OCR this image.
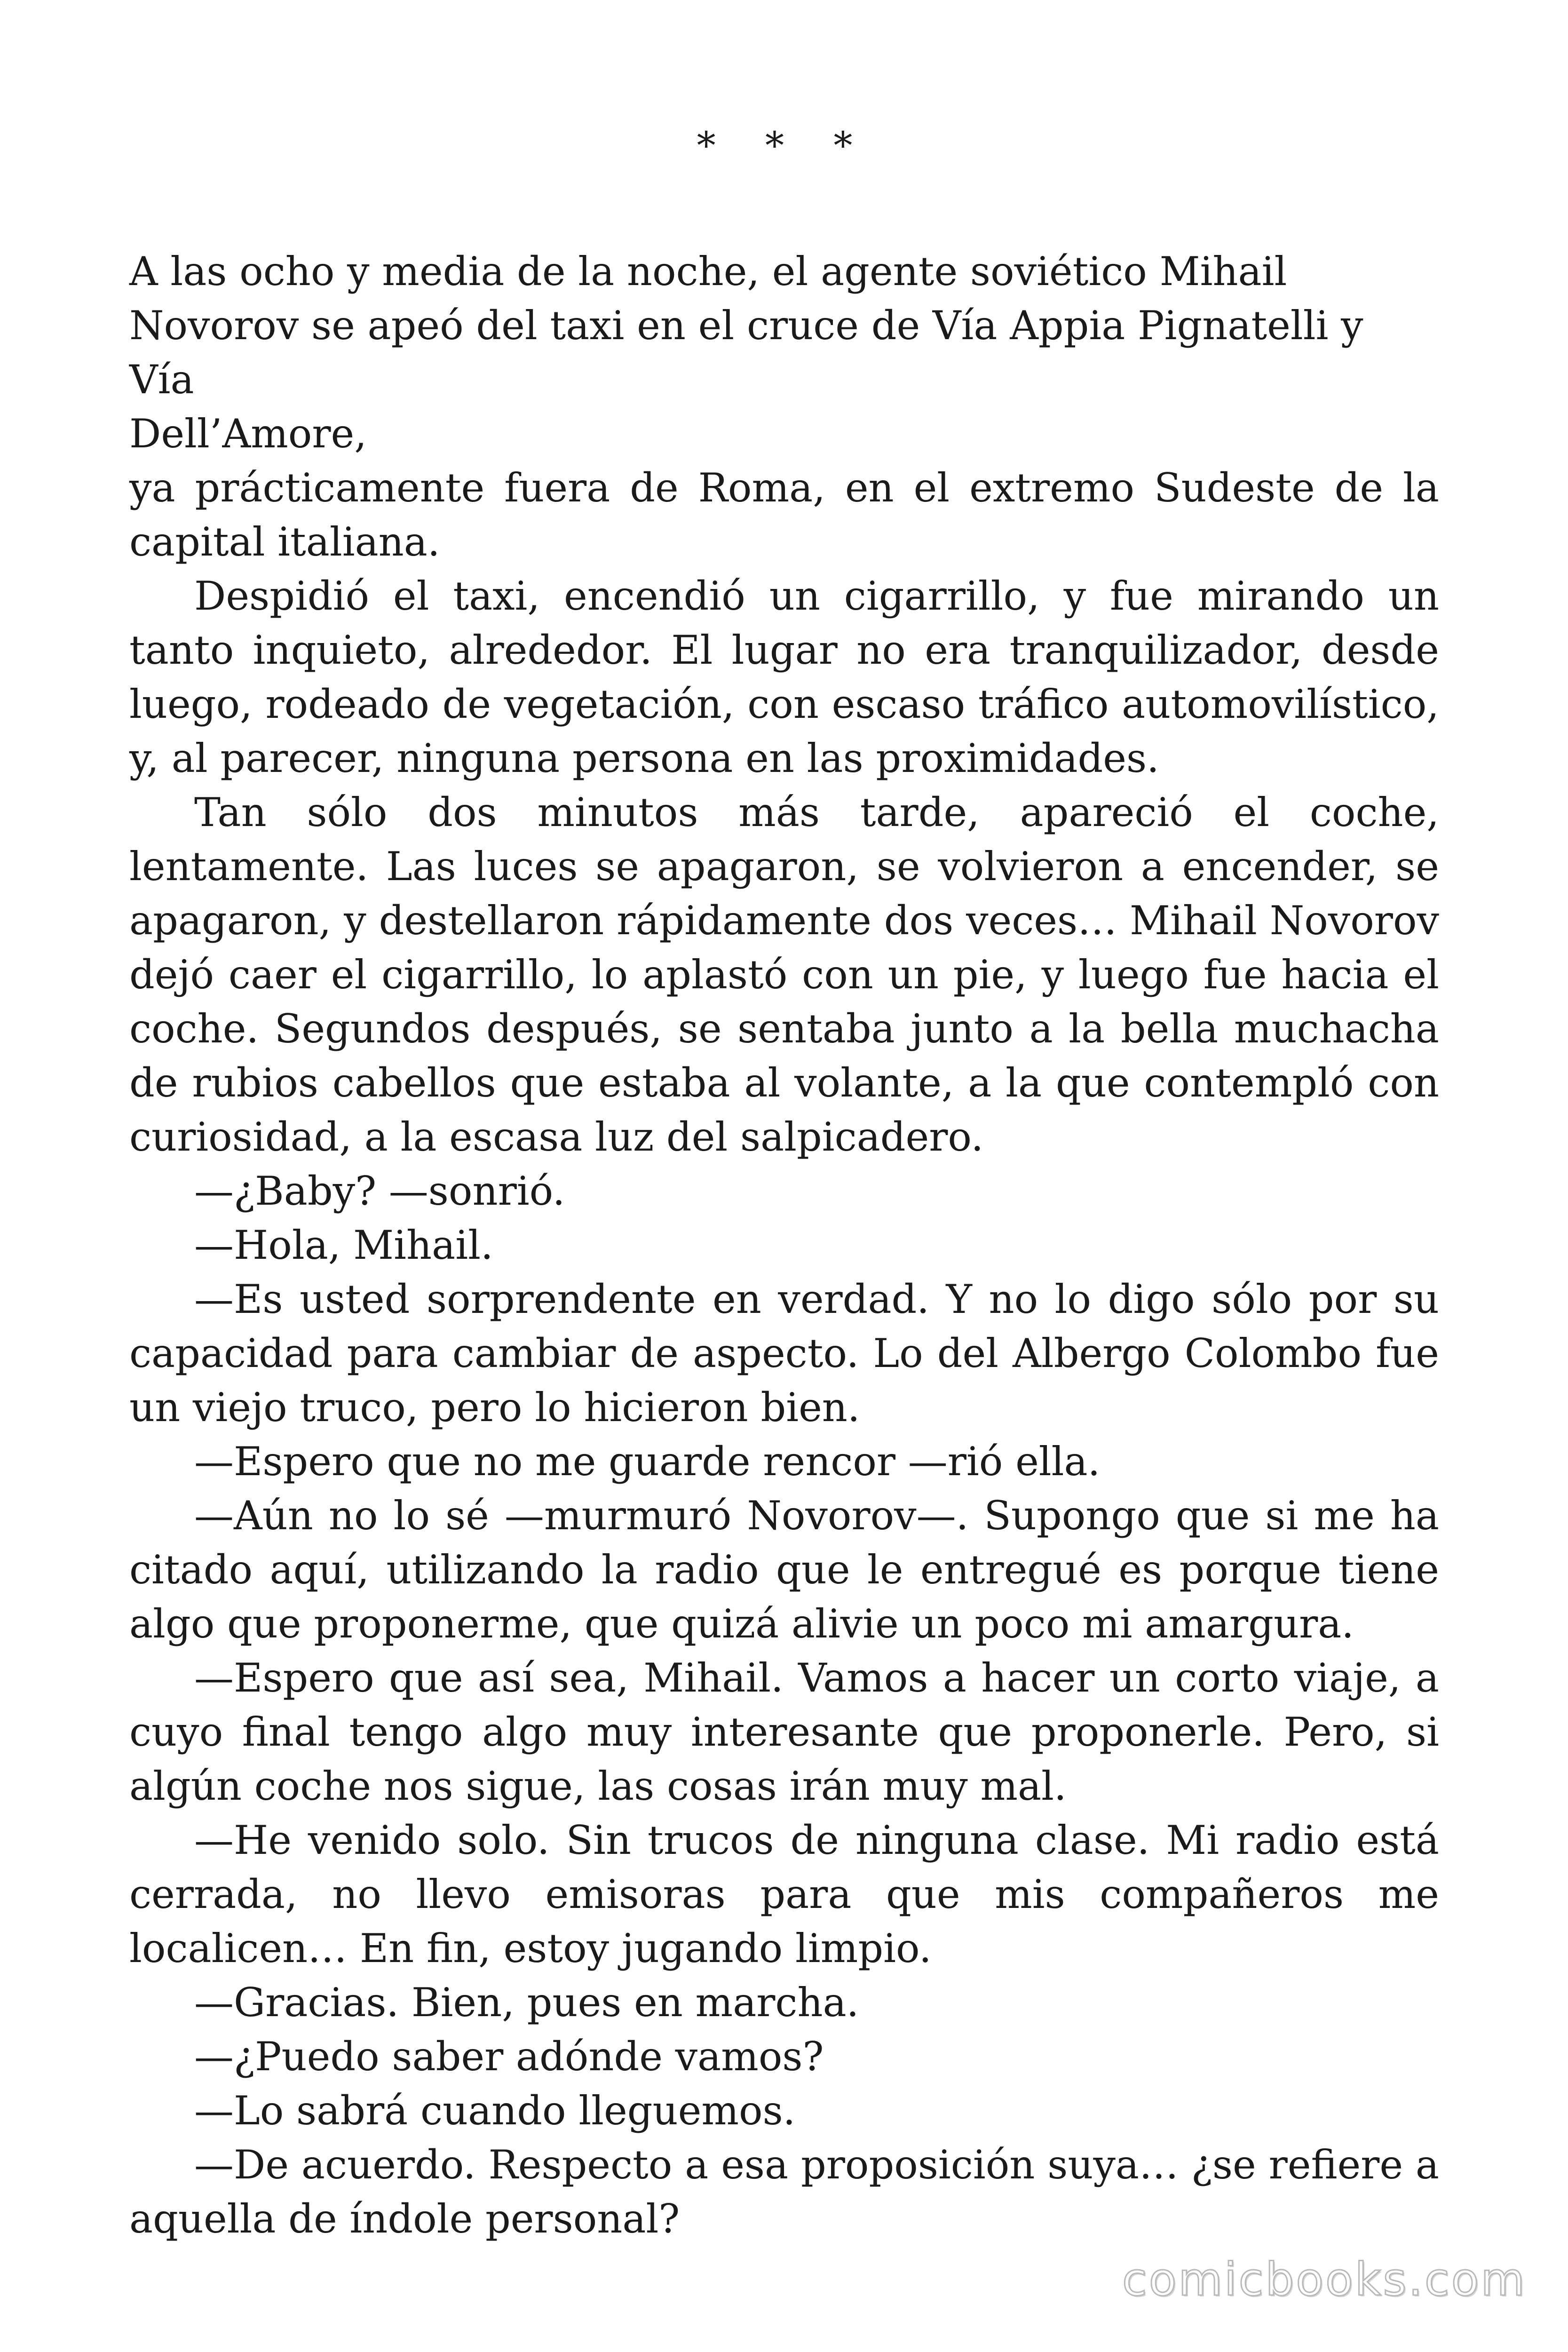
* * *

A las ocho y media de la noche, el agente soviético Mihail Novorov se apeó del taxi en el cruce de Vía Appia Pignatelli y Vía

Dell’Amore,

ya prácticamente fuera de Roma, en el extremo Sudeste de la capital italiana.

Despidió el taxi, encendió un cigarrillo, y fue mirando un tanto inquieto, alrededor. El lugar no era tranquilizador, desde luego, rodeado de vegetación, con escaso tráfico automovilístico, y, al parecer, ninguna persona en las proximidades.

Tan sólo dos minutos más tarde, apareció el coche, lentamente. Las luces se apagaron, se volvieron a encender, se apagaron, y destellaron rápidamente dos veces… Mihail Novorov dejó caer el cigarrillo, lo aplastó con un pie, y luego fue hacia el coche. Segundos después, se sentaba junto a la bella muchacha de rubios cabellos que estaba al volante, a la que contempló con curiosidad, a la escasa luz del salpicadero.

—¿Baby? —sonrió.

—Hola, Mihail.

—Es usted sorprendente en verdad. Y no lo digo sólo por su capacidad para cambiar de aspecto. Lo del Albergo Colombo fue un viejo truco, pero lo hicieron bien.

—Espero que no me guarde rencor —rió ella.

—Aún no lo sé —murmuró Novorov—. Supongo que si me ha citado aquí, utilizando la radio que le entregué es porque tiene algo que proponerme, que quizá alivie un poco mi amargura.

—Espero que así sea, Mihail. Vamos a hacer un corto viaje, a cuyo final tengo algo muy interesante que proponerle. Pero, si algún coche nos sigue, las cosas irán muy mal.

—He venido solo. Sin trucos de ninguna clase. Mi radio está cerrada, no llevo emisoras para que mis compañeros me localicen… En fin, estoy jugando limpio.

—Gracias. Bien, pues en marcha.

—¿Puedo saber adónde vamos?

—Lo sabrá cuando lleguemos.

—De acuerdo. Respecto a esa proposición suya… ¿se refiere a aquella de índole personal?

comicbooks.com
